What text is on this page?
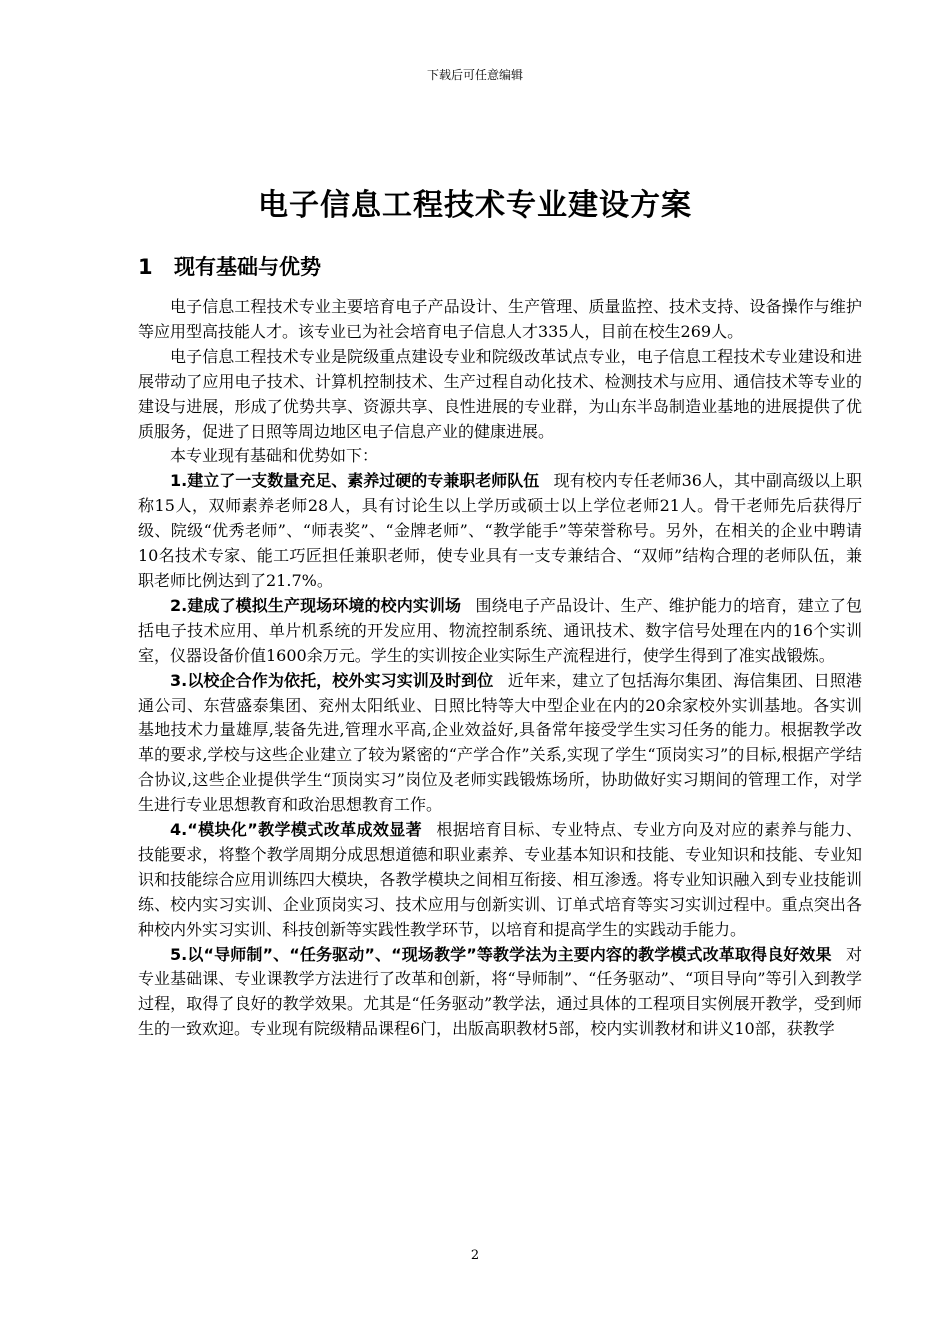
下载后可任意编辑
电子信息工程技术专业建设方案
1 现有基础与优势

电子信息工程技术专业主要培育电子产品设计、生产管理、质量监控、技术支持、设备操作与维护等应用型高技能人才。该专业已为社会培育电子信息人才335人，目前在校生269人。

电子信息工程技术专业是院级重点建设专业和院级改革试点专业，电子信息工程技术专业建设和进展带动了应用电子技术、计算机控制技术、生产过程自动化技术、检测技术与应用、通信技术等专业的建设与进展，形成了优势共享、资源共享、良性进展的专业群，为山东半岛制造业基地的进展提供了优质服务，促进了日照等周边地区电子信息产业的健康进展。

本专业现有基础和优势如下：

1.建立了一支数量充足、素养过硬的专兼职老师队伍 现有校内专任老师36人，其中副高级以上职称15人，双师素养老师28人，具有讨论生以上学历或硕士以上学位老师21人。骨干老师先后获得厅级、院级“优秀老师”、“师表奖”、“金牌老师”、“教学能手”等荣誉称号。另外，在相关的企业中聘请10名技术专家、能工巧匠担任兼职老师，使专业具有一支专兼结合、“双师”结构合理的老师队伍，兼职老师比例达到了21.7%。

2.建成了模拟生产现场环境的校内实训场 围绕电子产品设计、生产、维护能力的培育，建立了包括电子技术应用、单片机系统的开发应用、物流控制系统、通讯技术、数字信号处理在内的16个实训室，仪器设备价值1600余万元。学生的实训按企业实际生产流程进行，使学生得到了准实战锻炼。

3.以校企合作为依托，校外实习实训及时到位 近年来，建立了包括海尔集团、海信集团、日照港通公司、东营盛泰集团、兖州太阳纸业、日照比特等大中型企业在内的20余家校外实训基地。各实训基地技术力量雄厚,装备先进,管理水平高,企业效益好,具备常年接受学生实习任务的能力。根据教学改革的要求,学校与这些企业建立了较为紧密的“产学合作”关系,实现了学生“顶岗实习”的目标,根据产学结合协议,这些企业提供学生“顶岗实习”岗位及老师实践锻炼场所，协助做好实习期间的管理工作，对学生进行专业思想教育和政治思想教育工作。

4.“模块化”教学模式改革成效显著 根据培育目标、专业特点、专业方向及对应的素养与能力、技能要求，将整个教学周期分成思想道德和职业素养、专业基本知识和技能、专业知识和技能、专业知识和技能综合应用训练四大模块，各教学模块之间相互衔接、相互渗透。将专业知识融入到专业技能训练、校内实习实训、企业顶岗实习、技术应用与创新实训、订单式培育等实习实训过程中。重点突出各种校内外实习实训、科技创新等实践性教学环节，以培育和提高学生的实践动手能力。

5.以“导师制”、“任务驱动”、“现场教学”等教学法为主要内容的教学模式改革取得良好效果 对专业基础课、专业课教学方法进行了改革和创新，将“导师制”、“任务驱动”、“项目导向”等引入到教学过程，取得了良好的教学效果。尤其是“任务驱动”教学法，通过具体的工程项目实例展开教学，受到师生的一致欢迎。专业现有院级精品课程6门，出版高职教材5部，校内实训教材和讲义10部，获教学

2
